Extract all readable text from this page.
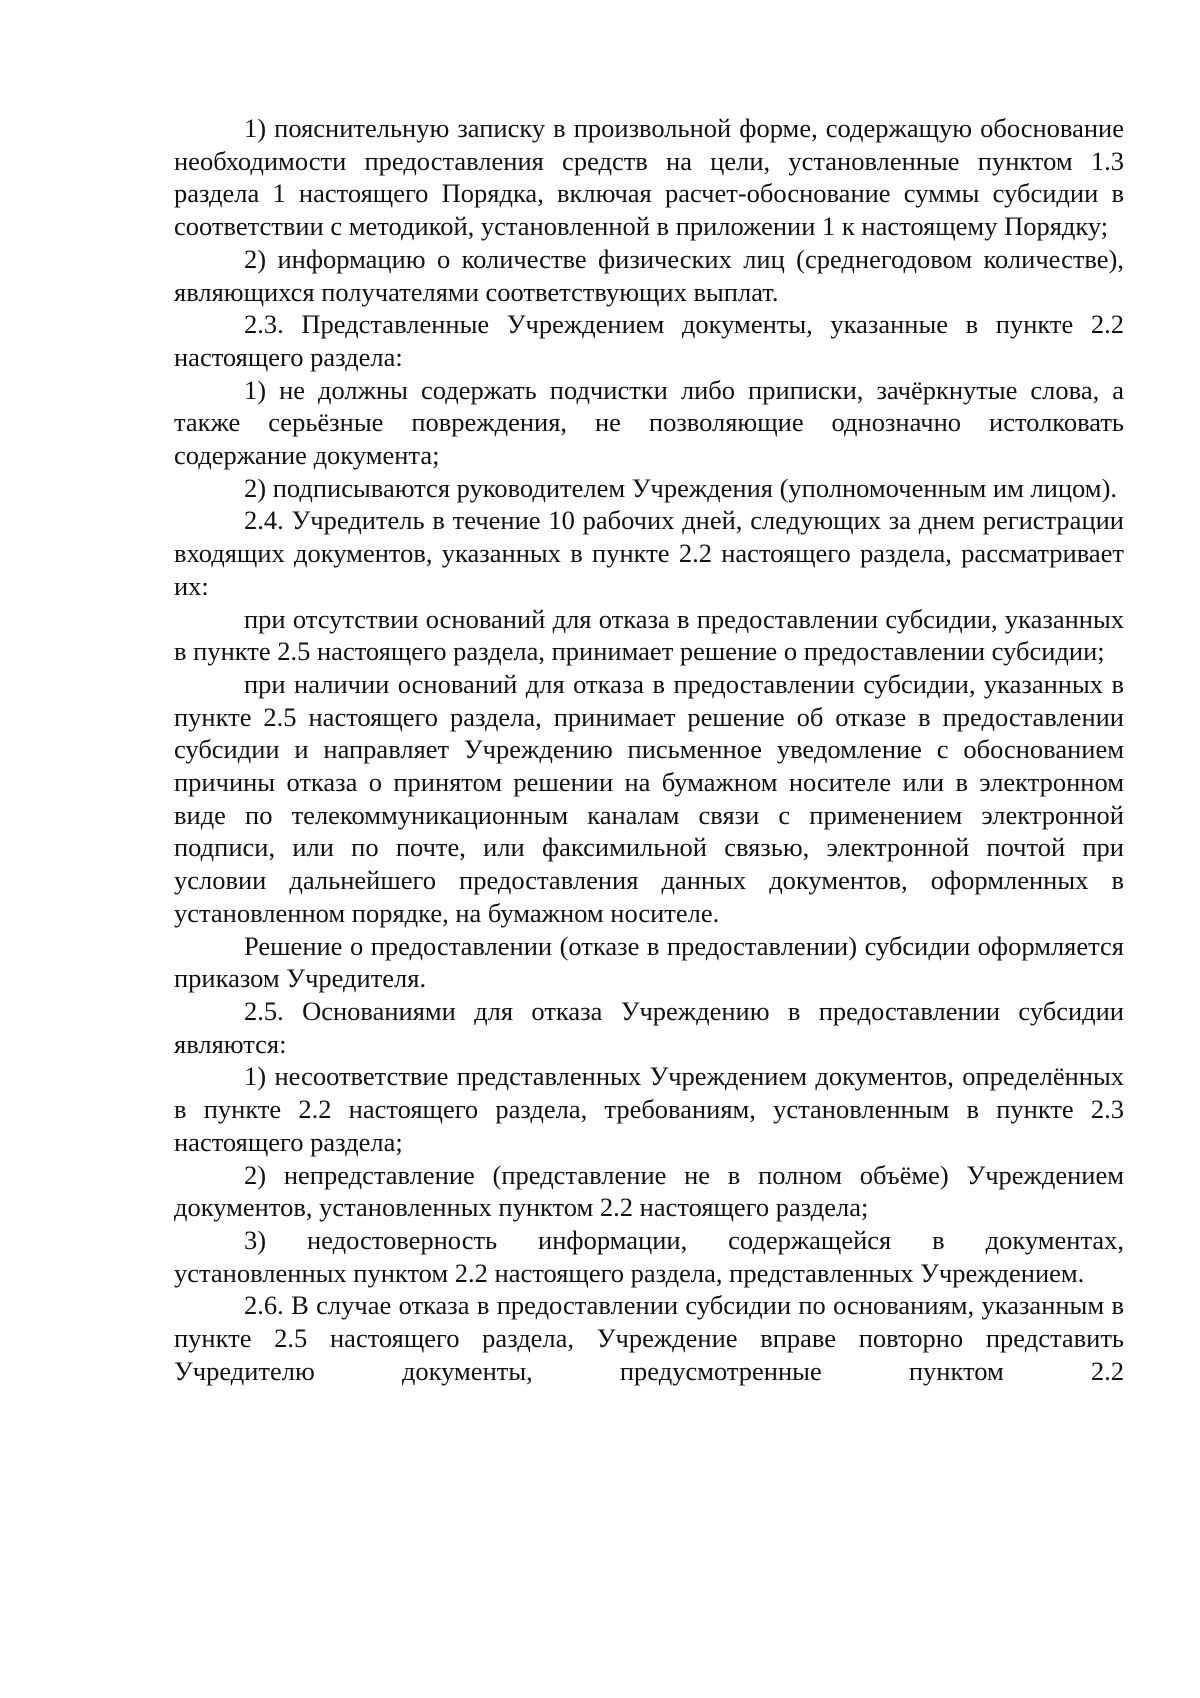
1) пояснительную записку в произвольной форме, содержащую обоснование необходимости предоставления средств на цели, установленные пунктом 1.3 раздела 1 настоящего Порядка, включая расчет-обоснование суммы субсидии в соответствии с методикой, установленной в приложении 1 к настоящему Порядку;

2) информацию о количестве физических лиц (среднегодовом количестве), являющихся получателями соответствующих выплат.

2.3. Представленные Учреждением документы, указанные в пункте 2.2 настоящего раздела:

1) не должны содержать подчистки либо приписки, зачёркнутые слова, а также серьёзные повреждения, не позволяющие однозначно истолковать содержание документа;

2) подписываются руководителем Учреждения (уполномоченным им лицом).

2.4. Учредитель в течение 10 рабочих дней, следующих за днем регистрации входящих документов, указанных в пункте 2.2 настоящего раздела, рассматривает их:

при отсутствии оснований для отказа в предоставлении субсидии, указанных в пункте 2.5 настоящего раздела, принимает решение о предоставлении субсидии;

при наличии оснований для отказа в предоставлении субсидии, указанных в пункте 2.5 настоящего раздела, принимает решение об отказе в предоставлении субсидии и направляет Учреждению письменное уведомление с обоснованием причины отказа о принятом решении на бумажном носителе или в электронном виде по телекоммуникационным каналам связи с применением электронной подписи, или по почте, или факсимильной связью, электронной почтой при условии дальнейшего предоставления данных документов, оформленных в установленном порядке, на бумажном носителе.

Решение о предоставлении (отказе в предоставлении) субсидии оформляется приказом Учредителя.

2.5. Основаниями для отказа Учреждению в предоставлении субсидии являются:

1) несоответствие представленных Учреждением документов, определённых в пункте 2.2 настоящего раздела, требованиям, установленным в пункте 2.3 настоящего раздела;

2) непредставление (представление не в полном объёме) Учреждением документов, установленных пунктом 2.2 настоящего раздела;

3) недостоверность информации, содержащейся в документах, установленных пунктом 2.2 настоящего раздела, представленных Учреждением.

2.6. В случае отказа в предоставлении субсидии по основаниям, указанным в пункте 2.5 настоящего раздела, Учреждение вправе повторно представить Учредителю документы, предусмотренные пунктом 2.2
